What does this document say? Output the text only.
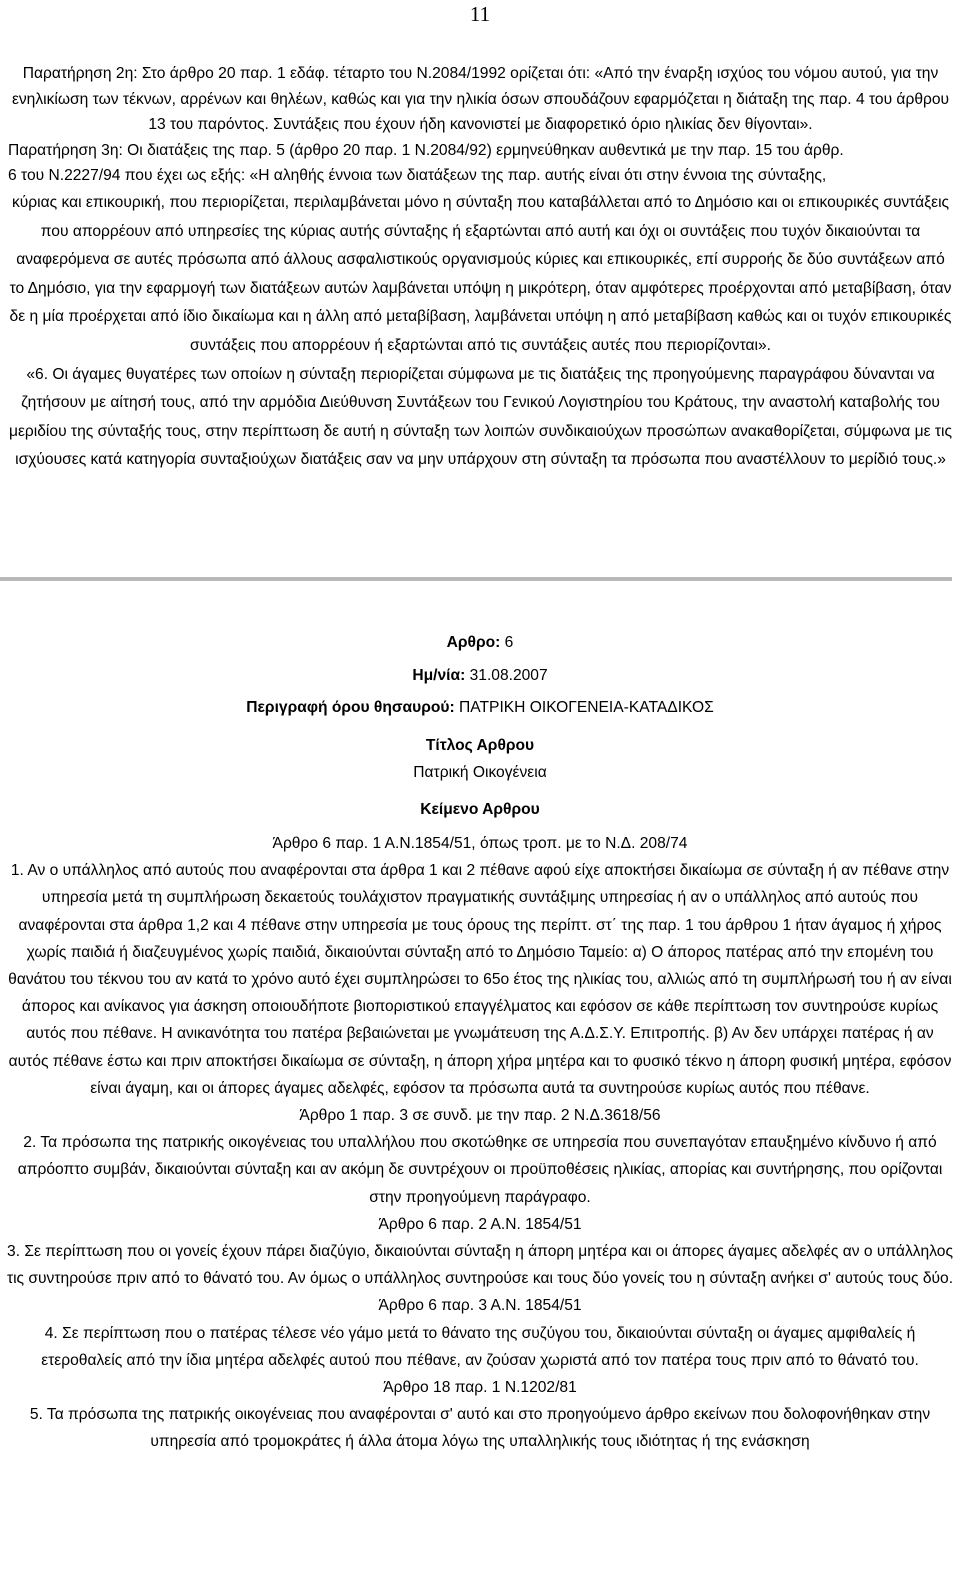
11

Παρατήρηση 2η: Στο άρθρο 20 παρ. 1 εδάφ. τέταρτο του Ν.2084/1992 ορίζεται ότι: «Από την έναρξη ισχύος του νόμου αυτού, για την ενηλικίωση των τέκνων, αρρένων και θηλέων, καθώς και για την ηλικία όσων σπουδάζουν εφαρμόζεται η διάταξη της παρ. 4 του άρθρου 13 του παρόντος. Συντάξεις που έχουν ήδη κανονιστεί με διαφορετικό όριο ηλικίας δεν θίγονται».

Παρατήρηση 3η: Οι διατάξεις της παρ. 5 (άρθρο 20 παρ. 1 Ν.2084/92) ερμηνεύθηκαν αυθεντικά με την παρ. 15 του άρθρ.

6 του Ν.2227/94 που έχει ως εξής: «Η αληθής έννοια των διατάξεων της παρ. αυτής είναι ότι στην έννοια της σύνταξης,

κύριας και επικουρική, που περιορίζεται, περιλαμβάνεται μόνο η σύνταξη που καταβάλλεται από το Δημόσιο και οι επικουρικές συντάξεις που απορρέουν από υπηρεσίες της κύριας αυτής σύνταξης ή εξαρτώνται από αυτή και όχι οι συντάξεις που τυχόν δικαιούνται τα αναφερόμενα σε αυτές πρόσωπα από άλλους ασφαλιστικούς οργανισμούς κύριες και επικουρικές, επί συρροής δε δύο συντάξεων από το Δημόσιο, για την εφαρμογή των διατάξεων αυτών λαμβάνεται υπόψη η μικρότερη, όταν αμφότερες προέρχονται από μεταβίβαση, όταν δε η μία προέρχεται από ίδιο δικαίωμα και η άλλη από μεταβίβαση, λαμβάνεται υπόψη η από μεταβίβαση καθώς και οι τυχόν επικουρικές συντάξεις που απορρέουν ή εξαρτώνται από τις συντάξεις αυτές που περιορίζονται».

«6. Οι άγαμες θυγατέρες των οποίων η σύνταξη περιορίζεται σύμφωνα με τις διατάξεις της προηγούμενης παραγράφου δύνανται να ζητήσουν με αίτησή τους, από την αρμόδια Διεύθυνση Συντάξεων του Γενικού Λογιστηρίου του Κράτους, την αναστολή καταβολής του μεριδίου της σύνταξής τους, στην περίπτωση δε αυτή η σύνταξη των λοιπών συνδικαιούχων προσώπων ανακαθορίζεται, σύμφωνα με τις ισχύουσες κατά κατηγορία συνταξιούχων διατάξεις σαν να μην υπάρχουν στη σύνταξη τα πρόσωπα που αναστέλλουν το μερίδιό τους.»

Αρθρο: 6
Ημ/νία: 31.08.2007
Περιγραφή όρου θησαυρού: ΠΑΤΡΙΚΗ ΟΙΚΟΓΕΝΕΙΑ-ΚΑΤΑΔΙΚΟΣ
Τίτλος Αρθρου
Πατρική Οικογένεια
Κείμενο Αρθρου

Άρθρο 6 παρ. 1 Α.Ν.1854/51, όπως τροπ. με το Ν.Δ. 208/74

1. Αν ο υπάλληλος από αυτούς που αναφέρονται στα άρθρα 1 και 2 πέθανε αφού είχε αποκτήσει δικαίωμα σε σύνταξη ή αν πέθανε στην υπηρεσία μετά τη συμπλήρωση δεκαετούς τουλάχιστον πραγματικής συντάξιμης υπηρεσίας ή αν ο υπάλληλος από αυτούς που αναφέρονται στα άρθρα 1,2 και 4 πέθανε στην υπηρεσία με τους όρους της περίπτ. στ΄ της παρ. 1 του άρθρου 1 ήταν άγαμος ή χήρος χωρίς παιδιά ή διαζευγμένος χωρίς παιδιά, δικαιούνται σύνταξη από το Δημόσιο Ταμείο: α) Ο άπορος πατέρας από την επομένη του θανάτου του τέκνου του αν κατά το χρόνο αυτό έχει συμπληρώσει το 65ο έτος της ηλικίας του, αλλιώς από τη συμπλήρωσή του ή αν είναι άπορος και ανίκανος για άσκηση οποιουδήποτε βιοποριστικού επαγγέλματος και εφόσον σε κάθε περίπτωση τον συντηρούσε κυρίως αυτός που πέθανε. Η ανικανότητα του πατέρα βεβαιώνεται με γνωμάτευση της Α.Δ.Σ.Υ. Επιτροπής. β) Αν δεν υπάρχει πατέρας ή αν αυτός πέθανε έστω και πριν αποκτήσει δικαίωμα σε σύνταξη, η άπορη χήρα μητέρα και το φυσικό τέκνο η άπορη φυσική μητέρα, εφόσον είναι άγαμη, και οι άπορες άγαμες αδελφές, εφόσον τα πρόσωπα αυτά τα συντηρούσε κυρίως αυτός που πέθανε.

Άρθρο 1 παρ. 3 σε συνδ. με την παρ. 2 Ν.Δ.3618/56

2. Τα πρόσωπα της πατρικής οικογένειας του υπαλλήλου που σκοτώθηκε σε υπηρεσία που συνεπαγόταν επαυξημένο κίνδυνο ή από απρόοπτο συμβάν, δικαιούνται σύνταξη και αν ακόμη δε συντρέχουν οι προϋποθέσεις ηλικίας, απορίας και συντήρησης, που ορίζονται στην προηγούμενη παράγραφο.

Άρθρο 6 παρ. 2 Α.Ν. 1854/51

3. Σε περίπτωση που οι γονείς έχουν πάρει διαζύγιο, δικαιούνται σύνταξη η άπορη μητέρα και οι άπορες άγαμες αδελφές αν ο υπάλληλος τις συντηρούσε πριν από το θάνατό του. Αν όμως ο υπάλληλος συντηρούσε και τους δύο γονείς του η σύνταξη ανήκει σ' αυτούς τους δύο.

Άρθρο 6 παρ. 3 Α.Ν. 1854/51

4. Σε περίπτωση που ο πατέρας τέλεσε νέο γάμο μετά το θάνατο της συζύγου του, δικαιούνται σύνταξη οι άγαμες αμφιθαλείς ή ετεροθαλείς από την ίδια μητέρα αδελφές αυτού που πέθανε, αν ζούσαν χωριστά από τον πατέρα τους πριν από το θάνατό του.

Άρθρο 18 παρ. 1 Ν.1202/81

5. Τα πρόσωπα της πατρικής οικογένειας που αναφέρονται σ' αυτό και στο προηγούμενο άρθρο εκείνων που δολοφονήθηκαν στην υπηρεσία από τρομοκράτες ή άλλα άτομα λόγω της υπαλληλικής τους ιδιότητας ή της ενάσκηση
